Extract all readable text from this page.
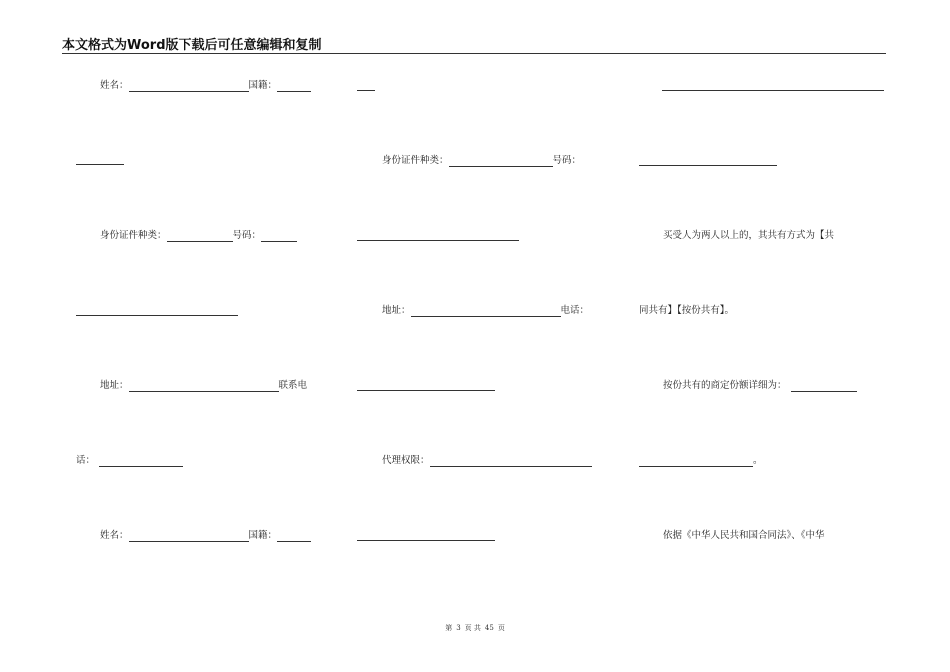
本文格式为Word版下载后可任意编辑和复制
姓名：	国籍：
身份证件种类：	号码：
地址：	联系电
话：
姓名：	国籍：
身份证件种类：	号码：
地址：	电话：
代理权限：
买受人为两人以上的，其共有方式为【共
同共有】【按份共有】。
按份共有的商定份额详细为：
。
依据《中华人民共和国合同法》、《中华
第 3 页 共 45 页
